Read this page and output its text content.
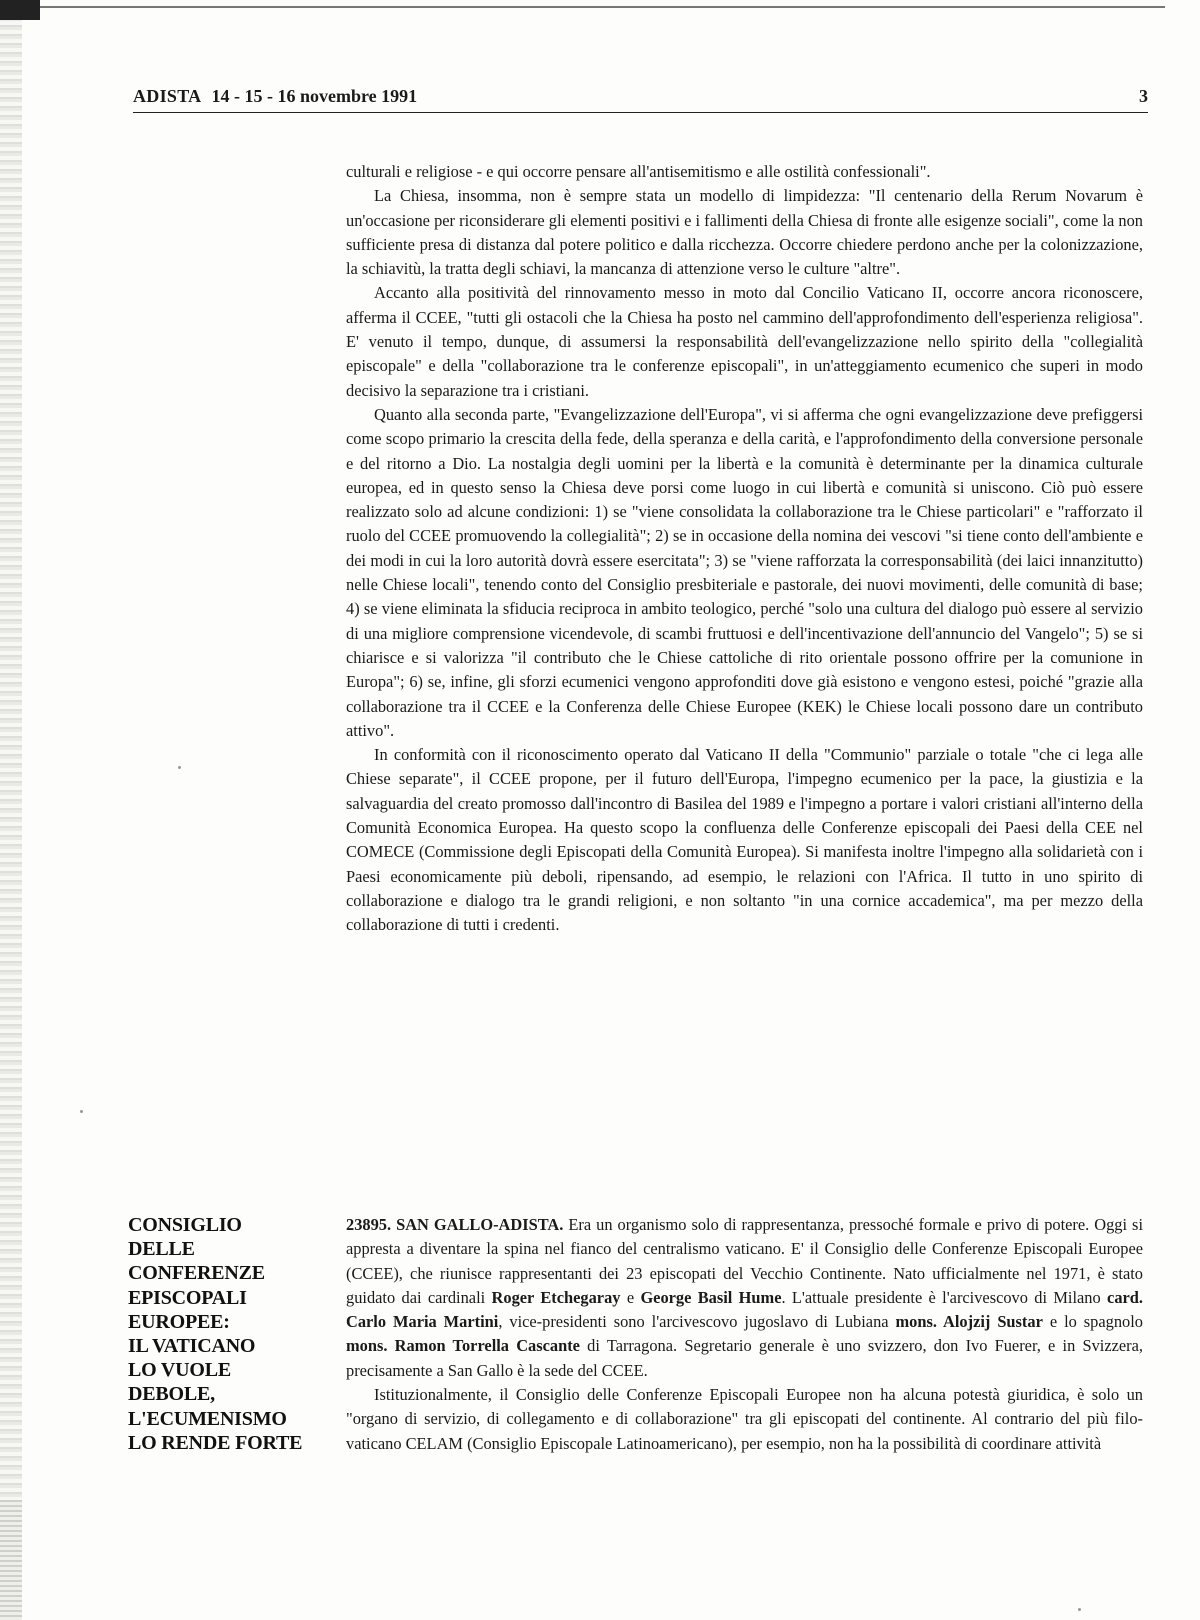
ADISTA 14 - 15 - 16 novembre 1991	3

culturali e religiose - e qui occorre pensare all'antisemitismo e alle ostilità confessionali".

La Chiesa, insomma, non è sempre stata un modello di limpidezza: "Il centenario della Rerum Novarum è un'occasione per riconsiderare gli elementi positivi e i fallimenti della Chiesa di fronte alle esigenze sociali", come la non sufficiente presa di distanza dal potere politico e dalla ricchezza. Occorre chiedere perdono anche per la colonizzazione, la schiavitù, la tratta degli schiavi, la mancanza di attenzione verso le culture "altre".

Accanto alla positività del rinnovamento messo in moto dal Concilio Vaticano II, occorre ancora riconoscere, afferma il CCEE, "tutti gli ostacoli che la Chiesa ha posto nel cammino dell'approfondimento dell'esperienza religiosa". E' venuto il tempo, dunque, di assumersi la responsabilità dell'evangelizzazione nello spirito della "collegialità episcopale" e della "collaborazione tra le conferenze episcopali", in un'atteggiamento ecumenico che superi in modo decisivo la separazione tra i cristiani.

Quanto alla seconda parte, "Evangelizzazione dell'Europa", vi si afferma che ogni evangelizzazione deve prefiggersi come scopo primario la crescita della fede, della speranza e della carità, e l'approfondimento della conversione personale e del ritorno a Dio. La nostalgia degli uomini per la libertà e la comunità è determinante per la dinamica culturale europea, ed in questo senso la Chiesa deve porsi come luogo in cui libertà e comunità si uniscono. Ciò può essere realizzato solo ad alcune condizioni: 1) se "viene consolidata la collaborazione tra le Chiese particolari" e "rafforzato il ruolo del CCEE promuovendo la collegialità"; 2) se in occasione della nomina dei vescovi "si tiene conto dell'ambiente e dei modi in cui la loro autorità dovrà essere esercitata"; 3) se "viene rafforzata la corresponsabilità (dei laici innanzitutto) nelle Chiese locali", tenendo conto del Consiglio presbiteriale e pastorale, dei nuovi movimenti, delle comunità di base; 4) se viene eliminata la sfiducia reciproca in ambito teologico, perché "solo una cultura del dialogo può essere al servizio di una migliore comprensione vicendevole, di scambi fruttuosi e dell'incentivazione dell'annuncio del Vangelo"; 5) se si chiarisce e si valorizza "il contributo che le Chiese cattoliche di rito orientale possono offrire per la comunione in Europa"; 6) se, infine, gli sforzi ecumenici vengono approfonditi dove già esistono e vengono estesi, poiché "grazie alla collaborazione tra il CCEE e la Conferenza delle Chiese Europee (KEK) le Chiese locali possono dare un contributo attivo".

In conformità con il riconoscimento operato dal Vaticano II della "Communio" parziale o totale "che ci lega alle Chiese separate", il CCEE propone, per il futuro dell'Europa, l'impegno ecumenico per la pace, la giustizia e la salvaguardia del creato promosso dall'incontro di Basilea del 1989 e l'impegno a portare i valori cristiani all'interno della Comunità Economica Europea. Ha questo scopo la confluenza delle Conferenze episcopali dei Paesi della CEE nel COMECE (Commissione degli Episcopati della Comunità Europea). Si manifesta inoltre l'impegno alla solidarietà con i Paesi economicamente più deboli, ripensando, ad esempio, le relazioni con l'Africa. Il tutto in uno spirito di collaborazione e dialogo tra le grandi religioni, e non soltanto "in una cornice accademica", ma per mezzo della collaborazione di tutti i credenti.

CONSIGLIO
DELLE
CONFERENZE
EPISCOPALI
EUROPEE:
IL VATICANO
LO VUOLE
DEBOLE,
L'ECUMENISMO
LO RENDE FORTE

23895. SAN GALLO-ADISTA. Era un organismo solo di rappresentanza, pressoché formale e privo di potere. Oggi si appresta a diventare la spina nel fianco del centralismo vaticano. E' il Consiglio delle Conferenze Episcopali Europee (CCEE), che riunisce rappresentanti dei 23 episcopati del Vecchio Continente. Nato ufficialmente nel 1971, è stato guidato dai cardinali Roger Etchegaray e George Basil Hume. L'attuale presidente è l'arcivescovo di Milano card. Carlo Maria Martini, vice-presidenti sono l'arcivescovo jugoslavo di Lubiana mons. Alojzij Sustar e lo spagnolo mons. Ramon Torrella Cascante di Tarragona. Segretario generale è uno svizzero, don Ivo Fuerer, e in Svizzera, precisamente a San Gallo è la sede del CCEE.

Istituzionalmente, il Consiglio delle Conferenze Episcopali Europee non ha alcuna potestà giuridica, è solo un "organo di servizio, di collegamento e di collaborazione" tra gli episcopati del continente. Al contrario del più filo-vaticano CELAM (Consiglio Episcopale Latinoamericano), per esempio, non ha la possibilità di coordinare attività
